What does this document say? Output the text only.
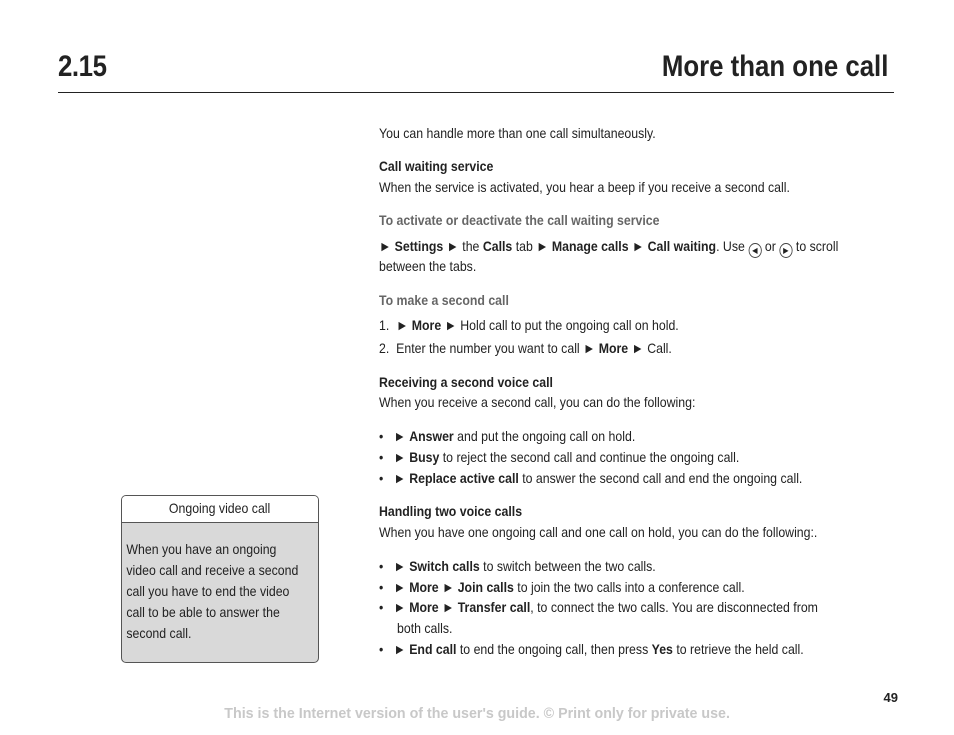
2.15	More than one call
You can handle more than one call simultaneously.
Call waiting service
When the service is activated, you hear a beep if you receive a second call.
To activate or deactivate the call waiting service
► Settings ► the Calls tab ► Manage calls ► Call waiting. Use ◀ or ▶ to scroll
between the tabs.
To make a second call
1. ► More ► Hold call to put the ongoing call on hold.
2. Enter the number you want to call ► More ► Call.
Receiving a second voice call
When you receive a second call, you can do the following:
• ► Answer and put the ongoing call on hold.
• ► Busy to reject the second call and continue the ongoing call.
• ► Replace active call to answer the second call and end the ongoing call.
Handling two voice calls
When you have one ongoing call and one call on hold, you can do the following:.
• ► Switch calls to switch between the two calls.
• ► More ► Join calls to join the two calls into a conference call.
• ► More ► Transfer call, to connect the two calls. You are disconnected from
both calls.
• ► End call to end the ongoing call, then press Yes to retrieve the held call.
Ongoing video call
When you have an ongoing
video call and receive a second
call you have to end the video
call to be able to answer the
second call.
49
This is the Internet version of the user's guide. © Print only for private use.
